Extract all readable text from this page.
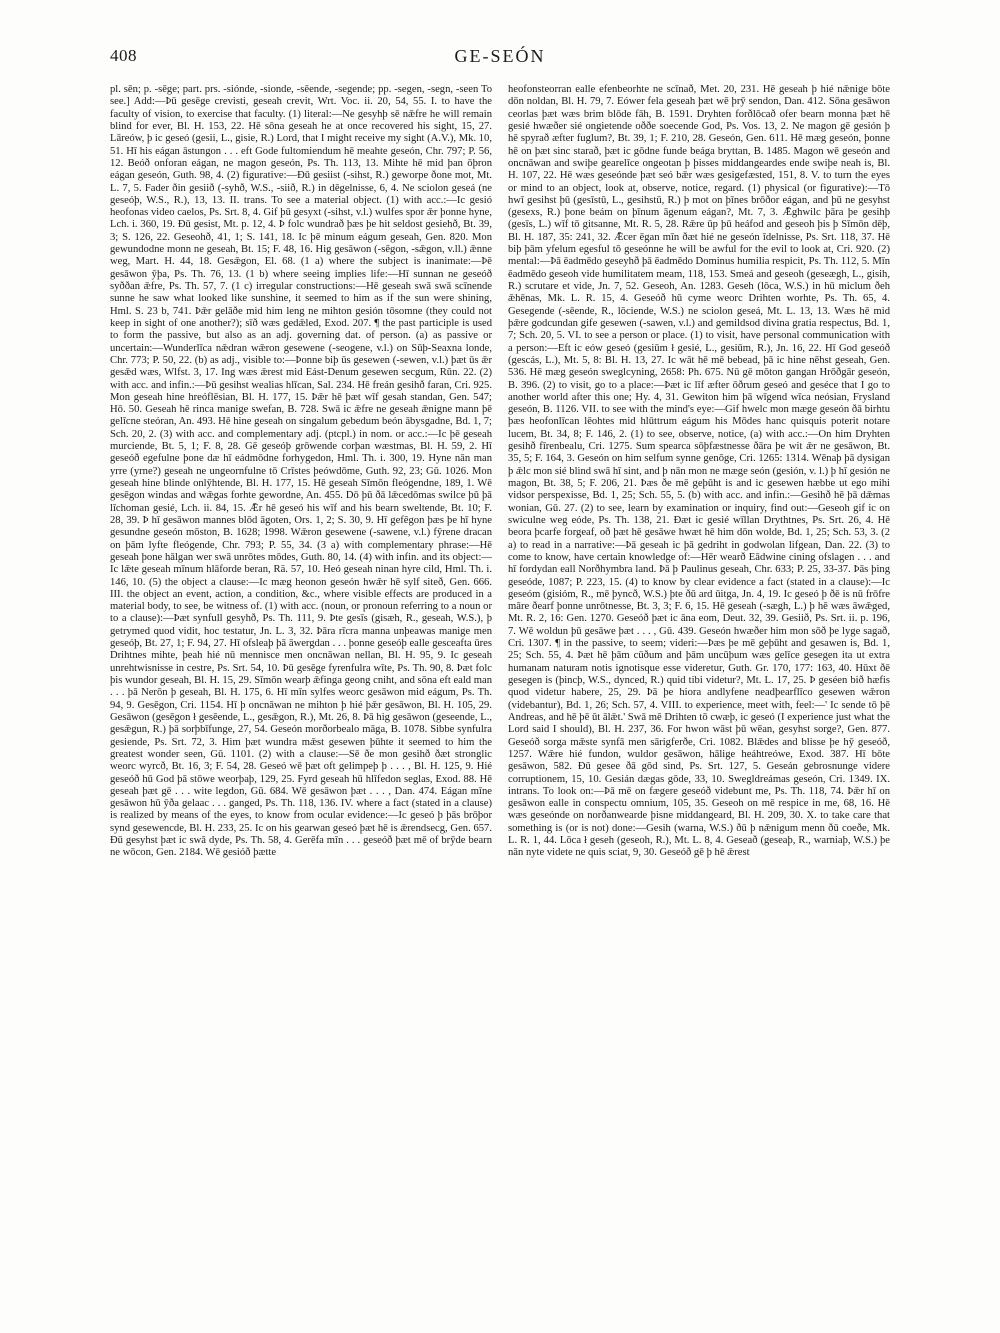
408	GE-SEÓN

pl. sēn; p. -sēge; part. prs. -siónde, -sionde, -sēende, -segende; pp. -segen, -segn, -seen To see.] Add:—Þū gesēge crevisti, geseah crevit, Wrt. Voc. ii. 20, 54, 55. I. to have the faculty of vision, to exercise that faculty. (1) literal:—Ne gesyhþ sē nǣfre he will remain blind for ever, Bl. H. 153, 22. Hē sōna geseah he at once recovered his sight, 15, 27. Lāreów, þ ic geseó (gesii, L., gisie, R.) Lord, that I might receive my sight (A.V.), Mk. 10, 51. Hī his eágan āstungon . . . eft Gode fultomiendum hē meahte geseón, Chr. 797; P. 56, 12. Beóð onforan eágan, ne magon geseón, Ps. Th. 113, 13. Mihte hē mid þan ōþron eágan geseón, Guth. 98, 4. (2) figurative:—Ðū gesiist (-sihst, R.) geworpe ðone mot, Mt. L. 7, 5. Fader ðin gesiið (-syhð, W.S., -siið, R.) in dēgelnisse, 6, 4. Ne sciolon geseá (ne geseóþ, W.S., R.), 13, 13. II. trans. To see a material object. (1) with acc.:—Ic gesió heofonas video caelos, Ps. Srt. 8, 4. Gif þū gesyxt (-sihst, v.l.) wulfes spor ǣr þonne hyne, Lch. i. 360, 19. Ðū gesist, Mt. p. 12, 4. Þ folc wundrað þæs þe hit seldost gesiehð, Bt. 39, 3; S. 126, 22. Geseohð, 41, 1; S. 141, 18. Ic þē minum eágum geseah, Gen. 820. Mon gewundodne monn ne geseah, Bt. 15; F. 48, 16. Hig gesāwon (-sēgon, -sǣgon, v.ll.) ǣnne weg, Mart. H. 44, 18. Gesǣgon, El. 68. (1 a) where the subject is inanimate:—Þē gesāwon ӯþa, Ps. Th. 76, 13. (1 b) where seeing implies life:—Hī sunnan ne geseóð syððan ǣfre, Ps. Th. 57, 7. (1 c) irregular constructions:—Hē geseah swā swā scīnende sunne he saw what looked like sunshine, it seemed to him as if the sun were shining, Hml. S. 23 b, 741. Þǣr gelāðe mid him leng ne mihton gesión tōsomne (they could not keep in sight of one another?); sīð wæs gedǣled, Exod. 207. ¶ the past participle is used to form the passive, but also as an adj. governing dat. of person. (a) as passive or uncertain:—Wunderlīca nǣdran wǣron gesewene (-seogene, v.l.) on Sūþ-Seaxna londe, Chr. 773; P. 50, 22. (b) as adj., visible to:—Þonne biþ ūs gesewen (-sewen, v.l.) þæt ūs ǣr gesǣd wæs, Wlfst. 3, 17. Ing wæs ǣrest mid Eást-Denum gesewen secgum, Rūn. 22. (2) with acc. and infin.:—Þū gesihst wealias hlīcan, Sal. 234. Hē freán gesihð faran, Cri. 925. Mon geseah hine hreóflēsian, Bl. H. 177, 15. Þǣr hē þæt wīf gesah standan, Gen. 547; Hō. 50. Geseah hē rinca manige swefan, B. 728. Swā ic ǣfre ne geseah ǣnigne mann þē gelīcne steóran, An. 493. Hē hine geseah on singalum gebedum beón ābysgadne, Bd. 1, 7; Sch. 20, 2. (3) with acc. and complementary adj. (ptcpl.) in nom. or acc.:—Ic þē geseah murciende, Bt. 5, 1; F. 8, 28. Gē geseóþ grōwende corþan wæstmas, Bl. H. 59, 2. Hī geseóð egefulne þone dæ hī eádmōdne forhygedon, Hml. Th. i. 300, 19. Hyne nān man yrre (yrne?) geseah ne ungeornfulne tō Crīstes þeówdōme, Guth. 92, 23; Gū. 1026. Mon geseah hine blinde onlӯhtende, Bl. H. 177, 15. Hē geseah Sīmōn fleógendne, 189, 1. Wē gesēgon windas and wǣgas forhte gewordne, An. 455. Dō þū ðā lǣcedōmas swilce þū þā līchoman gesié, Lch. ii. 84, 15. Ǣr hē geseó his wīf and his bearn sweltende, Bt. 10; F. 28, 39. Þ hī gesāwon mannes blōd āgoten, Ors. 1, 2; S. 30, 9. Hī gefēgon þæs þe hī hyne gesundne geseón mōston, B. 1628; 1998. Wǣron gesewene (-sawene, v.l.) fӯrene dracan on þām lyfte fleógende, Chr. 793; P. 55, 34. (3 a) with complementary phrase:—Hē geseah þone hālgan wer swā unrōtes mōdes, Guth. 80, 14. (4) with infin. and its object:—Ic lǣte geseah mīnum hlāforde beran, Rä. 57, 10. Heó geseah ninan hyre cild, Hml. Th. i. 146, 10. (5) the object a clause:—Ic mæg heonon geseón hwǣr hē sylf siteð, Gen. 666. III. the object an event, action, a condition, &c., where visible effects are produced in a material body, to see, be witness of. (1) with acc. (noun, or pronoun referring to a noun or to a clause):—Þæt synfull gesyhð, Ps. Th. 111, 9. Þte gesīs (gisæh, R., geseah, W.S.), þ getrymed quod vidit, hoc testatur, Jn. L. 3, 32. Þāra rīcra manna unþeawas manige men geseóþ, Bt. 27, 1; F. 94, 27. Hī ofsleaþ þā āwergdan . . . þonne geseóþ ealle gesceafta ūres Drihtnes mihte, þeah hié nū mennisce men oncnāwan nellan, Bl. H. 95, 9. Ic geseah unrehtwisnisse in cestre, Ps. Srt. 54, 10. Þū gesēge fyrenfulra wīte, Ps. Th. 90, 8. Þæt folc þis wundor geseah, Bl. H. 15, 29. Sīmōn wearþ ǣfinga geong cniht, and sōna eft eald man . . . þā Nerōn þ geseah, Bl. H. 175, 6. Hī mīn sylfes weorc gesāwon mid eágum, Ps. Th. 94, 9. Gesēgon, Cri. 1154. Hī þ oncnāwan ne mihton þ hié þǣr gesāwon, Bl. H. 105, 29. Gesāwon (gesēgon ł gesēende, L., gesǣgon, R.), Mt. 26, 8. Þā hig gesāwon (geseende, L., gesǣgun, R.) þā sorþbīfunge, 27, 54. Geseón morðorbealo māga, B. 1078. Sibbe synfulra gesiende, Ps. Srt. 72, 3. Him þæt wundra mǣst gesewen þūhte it seemed to him the greatest wonder seen, Gū. 1101. (2) with a clause:—Sē ðe mon gesihð ðæt stronglic weorc wyrcð, Bt. 16, 3; F. 54, 28. Geseó wē þæt oft gelimpeþ þ . . . , Bl. H. 125, 9. Hié geseóð hū God þā stōwe weorþaþ, 129, 25. Fyrd geseah hū hlīfedon seglas, Exod. 88. Hē geseah þæt gē . . . wite legdon, Gū. 684. Wē gesāwon þæt . . . , Dan. 474. Eágan mīne gesāwon hū ӯða gelaac . . . ganged, Ps. Th. 118, 136. IV. where a fact (stated in a clause) is realized by means of the eyes, to know from ocular evidence:—Ic geseó þ þās brōþor synd gesewencde, Bl. H. 233, 25. Ic on his gearwan geseó þæt hē is ǣrendsecg, Gen. 657. Ðū gesyhst þæt ic swā dyde, Ps. Th. 58, 4. Gerēfa mīn . . . geseóð þæt mē of brӯde bearn ne wōcon, Gen. 2184. Wē gesióð þætte

heofonsteorran ealle efenbeorhte ne scīnað, Met. 20, 231. Hē geseah þ hié nǣnige bōte dōn noldan, Bl. H. 79, 7. Eówer fela geseah þæt wē þrӯ sendon, Dan. 412. Sōna gesāwon ceorlas þæt wæs brim blōde fāh, B. 1591. Dryhten forðlōcað ofer bearn monna þæt hē gesié hwæðer sié ongietende oððe soecende God, Ps. Vos. 13, 2. Ne magon gē gesión þ hē spyrað æfter fuglum?, Bt. 39, 1; F. 210, 28. Geseón, Gen. 611. Hē mæg geseón, þonne hē on þæt sinc starað, þæt ic gōdne funde beága bryttan, B. 1485. Magon wē geseón and oncnāwan and swiþe gearelīce ongeotan þ þisses middangeardes ende swiþe neah is, Bl. H. 107, 22. Hē wæs geseónde þæt seó bǣr wæs gesigefæsted, 151, 8. V. to turn the eyes or mind to an object, look at, observe, notice, regard. (1) physical (or figurative):—Tō hwī gesihst þū (gesīstū, L., gesihstū, R.) þ mot on þīnes brōðor eágan, and þū ne gesyhst (gesexs, R.) þone beám on þīnum āgenum eágan?, Mt. 7, 3. Ǣghwilc þāra þe gesihþ (gesīs, L.) wīf tō gitsanne, Mt. R. 5, 28. Rǣre ūp þū heáfod and geseoh þis þ Sīmōn dēþ, Bl. H. 187, 35: 241, 32. Ǣcer ēgan mīn ðæt hié ne geseón īdelnisse, Ps. Srt. 118, 37. Hē biþ þām yfelum egesful tō geseónne he will be awful for the evil to look at, Cri. 920. (2) mental:—Þā ēadmēdo geseyhð þā ēadmēdo Dominus humilia respicit, Ps. Th. 112, 5. Mīn ēadmēdo geseoh vide humilitatem meam, 118, 153. Smeá and geseoh (geseægh, L., gisih, R.) scrutare et vide, Jn. 7, 52. Geseoh, An. 1283. Geseh (lōca, W.S.) in hū miclum ðeh ǣhēnas, Mk. L. R. 15, 4. Geseóð hū cyme weorc Drihten worhte, Ps. Th. 65, 4. Gesegende (-sēende, R., lōciende, W.S.) ne sciolon geseá, Mt. L. 13, 13. Wæs hē mid þǣre godcundan gife gesewen (-sawen, v.l.) and gemildsod divina gratia respectus, Bd. 1, 7; Sch. 20, 5. VI. to see a person or place. (1) to visit, have personal communication with a person:—Eft ic eów geseó (gesiūm ł gesié, L., gesiūm, R.), Jn. 16, 22. Hī God geseóð (gescás, L.), Mt. 5, 8: Bl. H. 13, 27. Ic wāt hē mē bebead, þā ic hine nēhst geseah, Gen. 536. Hē mæg geseón sweglcyning, 2658: Ph. 675. Nū gē mōton gangan Hrōðgār geseón, B. 396. (2) to visit, go to a place:—Þæt ic līf æfter ōðrum geseó and geséce that I go to another world after this one; Hy. 4, 31. Gewiton him þā wīgend wīca neósian, Frysland geseón, B. 1126. VII. to see with the mind's eye:—Gif hwelc mon mæge geseón ðā birhtu þæs heofonlīcan lēohtes mid hlūttrum eágum his Mōdes hanc quisquis poterit notare lucem, Bt. 34, 8; F. 146, 2. (1) to see, observe, notice, (a) with acc.:—On him Dryhten gesihð fīrenbealu, Cri. 1275. Sum spearca sōþfæstnesse ðāra þe wit ǣr ne gesāwon, Bt. 35, 5; F. 164, 3. Geseón on him selfum synne genōge, Cri. 1265: 1314. Wēnaþ þā dysigan þ ǣlc mon sié blind swā hī sint, and þ nān mon ne mæge seón (gesión, v. l.) þ hī gesión ne magon, Bt. 38, 5; F. 206, 21. Þæs ðe mē geþūht is and ic gesewen hæbbe ut ego mihi vidsor perspexisse, Bd. 1, 25; Sch. 55, 5. (b) with acc. and infin.:—Gesihð hē þā dǣmas wonian, Gū. 27. (2) to see, learn by examination or inquiry, find out:—Geseoh gif ic on swiculne weg eóde, Ps. Th. 138, 21. Ðæt ic gesié wīllan Drythtnes, Ps. Srt. 26, 4. Hē beora þcarfe forgeaf, oð þæt hē gesāwe hwæt hē him dōn wolde, Bd. 1, 25; Sch. 53, 3. (2 a) to read in a narrative:—Þā geseah ic þā gedriht in godwolan lifgean, Dan. 22. (3) to come to know, have certain knowledge of:—Hēr wearð Eādwine cining ofslagen . . . and hī fordydan eall Norðhymbra land. Þā þ Paulinus geseah, Chr. 633; P. 25, 33-37. Þās þing geseóde, 1087; P. 223, 15. (4) to know by clear evidence a fact (stated in a clause):—Ic geseóm (gisióm, R., mē þyncð, W.S.) þte ðū ard ūitga, Jn. 4, 19. Ic geseó þ ðē is nū frōfre māre ðearf þonne unrōtnesse, Bt. 3, 3; F. 6, 15. Hē geseah (-sægh, L.) þ hē wæs āwǣged, Mt. R. 2, 16: Gen. 1270. Geseóð þæt ic āna eom, Deut. 32, 39. Gesiið, Ps. Srt. ii. p. 196, 7. Wē woldun þū gesāwe þæt . . . , Gū. 439. Geseón hwæðer him mon sōð þe lyge sagað, Cri. 1307. ¶ in the passive, to seem; videri:—Þæs þe mē geþūht and gesawen is, Bd. 1, 25; Sch. 55, 4. Þæt hē þām cūðum and þām uncūþum wæs gelīce gesegen ita ut extra humanam naturam notis ignotisque esse videretur, Guth. Gr. 170, 177: 163, 40. Hūxt ðē gesegen is (þincþ, W.S., dynced, R.) quid tibi videtur?, Mt. L. 17, 25. Þ geséen bið hæfis quod videtur habere, 25, 29. Þā þe hiora andlyfene neadþearflīco gesewen wǣron (videbantur), Bd. 1, 26; Sch. 57, 4. VIII. to experience, meet with, feel:—' Ic sende tō þē Andreas, and hē þē ūt ālǣt.' Swā mē Drihten tō cwæþ, ic geseó (I experience just what the Lord said I should), Bl. H. 237, 36. For hwon wāst þū wēan, gesyhst sorge?, Gen. 877. Geseóð sorga mǣste synfā men sārigferðe, Cri. 1082. Blǣdes and blisse þe hӯ geseóð, 1257. Wǣre hié fundon, wuldor gesāwon, hālige heáhtreówe, Exod. 387. Hī bōte gesāwon, 582. Ðū gesee ðā gōd sind, Ps. Srt. 127, 5. Geseán gebrosnunge videre corruptionem, 15, 10. Gesián dægas gōde, 33, 10. Swegldreámas geseón, Cri. 1349. IX. intrans. To look on:—Þā mē on fægere geseóð videbunt me, Ps. Th. 118, 74. Þǣr hī on gesāwon ealle in conspectu omnium, 105, 35. Geseoh on mē respice in me, 68, 16. Hē wæs geseónde on norðanwearde þisne middangeard, Bl. H. 209, 30. X. to take care that something is (or is not) done:—Gesih (warna, W.S.) ðū þ nǣnigum menn ðū coeðe, Mk. L. R. 1, 44. Lōca ł geseh (geseoh, R.), Mt. L. 8, 4. Geseað (geseaþ, R., warniaþ, W.S.) þe nān nyte videte ne quis sciat, 9, 30. Geseóð gē þ hē ǣrest
